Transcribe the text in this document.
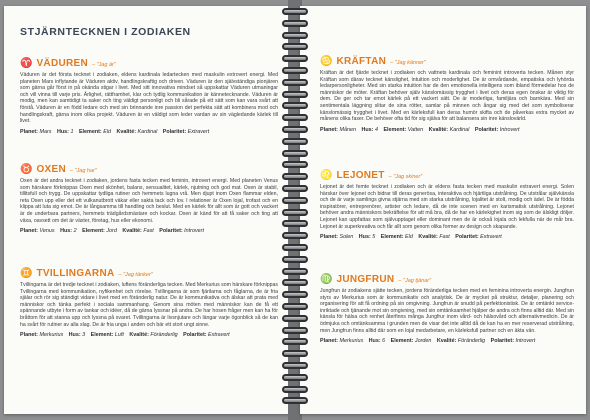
STJÄRNTECKNEN I ZODIAKEN
♈ VÄDUREN – "Jag är"

Väduren är det första tecknet i zodiaken, eldens kardinala ledartecken med maskulin extrovert energi. Med planeten Mars inflytande är Väduren aktiv, handlingskraftig och driven. Väduren är den självständiga pionjären som gärna går först in på okända stigar i livet. Med sitt innovativa mindset så uppskattar Väduren utmaningar och vill vinna till varje pris. Ärlighet, rättframhet, klar och tydlig kommunikation är kännetecknande. Väduren är modig, men kan samtidigt ta saker och ting väldigt personligt och bli sårade på ett sätt som kan vara svårt att förstå. Väduren är en född ledare och med sin brinnande inre passion det perfekta sätt att kombinera mod och handlingskraft, gärna inom olika projekt. Väduren är en väldigt som leder vardan av sin vägledande kärlek till livet.

Planet: Mars Hus: 1 Element: Eld Kvalité: Kardinal Polaritet: Extravert
♉ OXEN – "Jag har"

Oxen är det andra tecknet i zodiaken, jordens fasta tecken med feminin, introvert energi. Med planeten Venus som härskare förknippas Oxen med skönhet, balans, sensualitet, kärlek, njutning och god mat. Oxen är stabil, tillitsfull och trygg. De uppskattar tydliga rutiner och hemmets lugna vrå. Men djupt inom Oxen flammar elden, reta Oxen upp eller det ett vulkanutbrott väkar eller sakta tack och lov. I relationer är Oxen lojal, trofast och en klippa att luta sig emot. De är långsamma till handling och beslut. Med en kärlek för allt som är gott och vackert är de underbara partners, hemmets trädgårdsmästare och kockar. Oxen är känd för att få saker och ting att växa, oavsett om det är växter, företag, hus eller ekonomi.

Planet: Venus Hus: 2 Element: Jord Kvalité: Fast Polaritet: Introvert
♊ TVILLINGARNA – "Jag tänker"

Tvillingarna är det tredje tecknet i zodiaken, luftens föränderliga tecken. Med Merkurius som härskare förknippas Tvillingarna med kommunikation, nyfikenhet och rörelse. Tvillingarna är som fjärilarna och fåglarna, de är fria själar och rör sig ständigt vidare i livet med en föränderlig natur. De är kommunikativa och älskar att prata med människor och tänka perfekt i sociala sammanhang. Genom sina möten med människor kan de få ett spännande utbyte i form av tankar och idéer, då de gärna lyssnar på andra. De har hosen fråger men kan ha för bråttom för att stanna upp och lyssna på svaret. Tvillingarna är livsnjutare och längar varje ögonblick så de kan ha svårt för rutiner av alla slag. De är fria unga i anden och bär ett stort ungt sinne.

Planet: Merkurius Hus: 3 Element: Luft Kvalité: Föränderlig Polaritet: Extravert
♋ KRÄFTAN – "Jag känner"

Kräftan är det fjärde tecknet i zodiaken och vattnets kardinala och feminint introverta tecken. Månen styr Kräftan som därav tecknet känslighet, intuition och moderlighet. De är omvårdande, empatiska och lyhörda ledarpersonligheter. Med sin starka intuition har de den emotionella intelligens som ibland förmedelar hos de människor de möter. Kräftan behöver själv känslomässig trygghet i livet och deras egen önskar är viktig för dem. De ger och tar emot kärlek på ett vackert sätt. De är moderliga, familjära och barnkära. Med sin sentimentala läggning slitar de sina rötter, samlar på minnen och ångar sig med det som symboliserar känslomässig trygghet i livet. Med en kärleksfull kan deras humör skifta och de påverkas extra mycket av månens olika faser. De behöver ofta tid för sig själva för att balansera sin inre känslovärld.

Planet: Månen Hus: 4 Element: Vatten Kvalité: Kardinal Polaritet: Introvert
♌ LEJONET – "Jag skiner"

Lejonet är det femte tecknet i zodiaken och är eldens fasta tecken med maskulin extravert energi. Solen härskar över lejonet och bidrar till deras generösa, interaktiva och hjärtliga utstrålning. De utstrålar självkänsla och de är varje samlings givna stjärna med sin starka utstrålning, lojalitet är stolt, modig och ädel. De är födda inspiratörer, entreprenörer, artister och ledare, då de inte scenen med en karismatisk utstrålning. Lejonet behöver andra människors bekräftelse för att må bra, då de har en kärlekighet inom sig som de älskligt döljer. Lejonet kan uppfattas som självupptaget eller dominant men de är också lojala och lekfulla när de mår bra. Lejonet är superkreativa och får allt som genom olika former av design och skapande.

Planet: Solen Hus: 5 Element: Eld Kvalité: Fast Polaritet: Extravert
♍ JUNGFRUN – "Jag tjänar"

Jungfrun är zodiakens sjätte tecken, jordens föränderliga tecken med en feminina introverta energin. Jungfrun styrs av Merkurius som är kommunikativ och analytisk. De är mycket på struktur, detaljer, planering och organisering för att få ordning på sin omgivning. Jungfrun är snudd på perfektionistisk. De är omtänkt service-inriktade och tjänande mot sin omgivning, med sin omtänksamhet hjälper de andra och finns alltid där. Med sin känsla för hälsa och renhet återfinns många Jungfrur inom vård- och hälsovård och alternativmedicin. De är ödmjuka och omtänksamma i grunden men de visar det inte alltid då de kan ha en mer reserverad utstrålning, men Jungfrun finns alltid där som en lojal medarbetare, en kärleksfull partner och en äkta vän.

Planet: Merkurius Hus: 6 Element: Jorden Kvalité: Föränderlig Polaritet: Introvert
